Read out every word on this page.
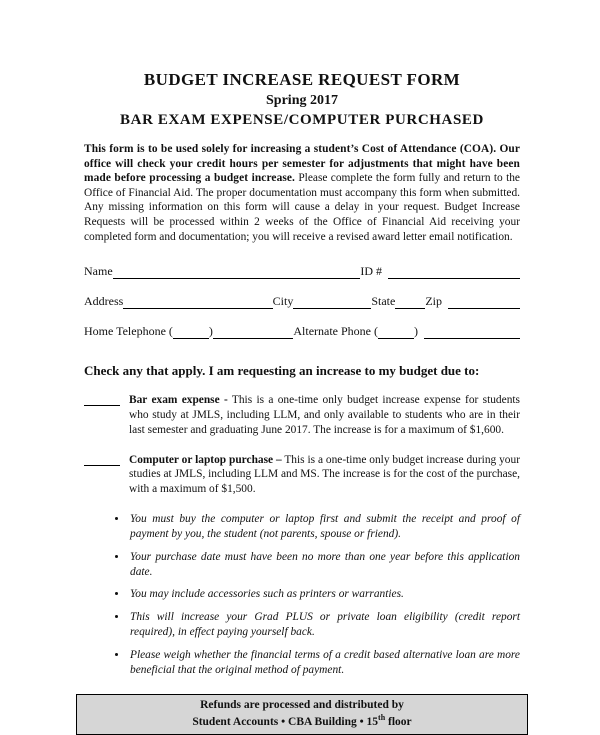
BUDGET INCREASE REQUEST FORM
Spring 2017
BAR EXAM EXPENSE/COMPUTER PURCHASED

This form is to be used solely for increasing a student’s Cost of Attendance (COA). Our office will check your credit hours per semester for adjustments that might have been made before processing a budget increase. Please complete the form fully and return to the Office of Financial Aid. The proper documentation must accompany this form when submitted. Any missing information on this form will cause a delay in your request. Budget Increase Requests will be processed within 2 weeks of the Office of Financial Aid receiving your completed form and documentation; you will receive a revised award letter email notification.

Name	ID #
Address	City	State	Zip
Home Telephone (	)	Alternate Phone (	)
Check any that apply. I am requesting an increase to my budget due to:

Bar exam expense - This is a one-time only budget increase expense for students who study at JMLS, including LLM, and only available to students who are in their last semester and graduating June 2017. The increase is for a maximum of $1,600.

Computer or laptop purchase – This is a one-time only budget increase during your studies at JMLS, including LLM and MS. The increase is for the cost of the purchase, with a maximum of $1,500.

• You must buy the computer or laptop first and submit the receipt and proof of payment by you, the student (not parents, spouse or friend).
• Your purchase date must have been no more than one year before this application date.
• You may include accessories such as printers or warranties.
• This will increase your Grad PLUS or private loan eligibility (credit report required), in effect paying yourself back.
• Please weigh whether the financial terms of a credit based alternative loan are more beneficial that the original method of payment.
Refunds are processed and distributed by
Student Accounts • CBA Building • 15th floor
